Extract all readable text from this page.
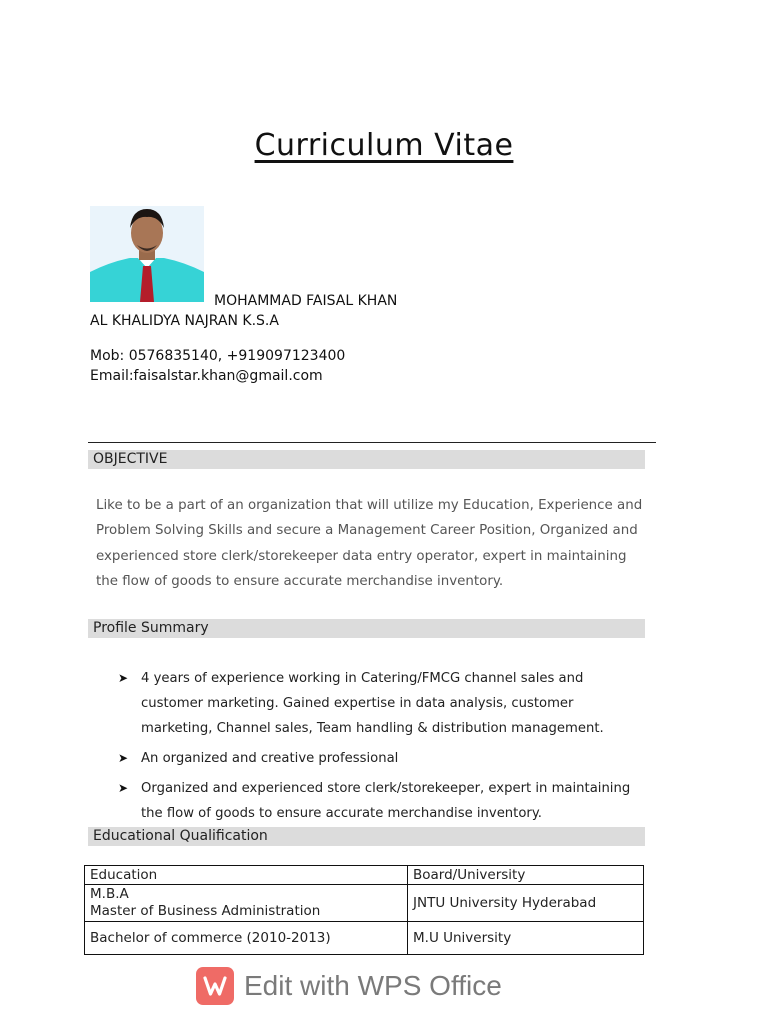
Curriculum Vitae
MOHAMMAD FAISAL KHAN
AL KHALIDYA NAJRAN K.S.A
Mob: 0576835140, +919097123400
Email:faisalstar.khan@gmail.com
OBJECTIVE
Like to be a part of an organization that will utilize my Education, Experience and Problem Solving Skills and secure a Management Career Position, Organized and experienced store clerk/storekeeper data entry operator, expert in maintaining the flow of goods to ensure accurate merchandise inventory.
Profile Summary
➤ 4 years of experience working in Catering/FMCG channel sales and customer marketing. Gained expertise in data analysis, customer marketing, Channel sales, Team handling & distribution management.
➤ An organized and creative professional
➤ Organized and experienced store clerk/storekeeper, expert in maintaining the flow of goods to ensure accurate merchandise inventory.
Educational Qualification
Education	Board/University

M.B.A
Master of Business Administration	JNTU University Hyderabad
Bachelor of commerce (2010-2013)	M.U University
Edit with WPS Office
